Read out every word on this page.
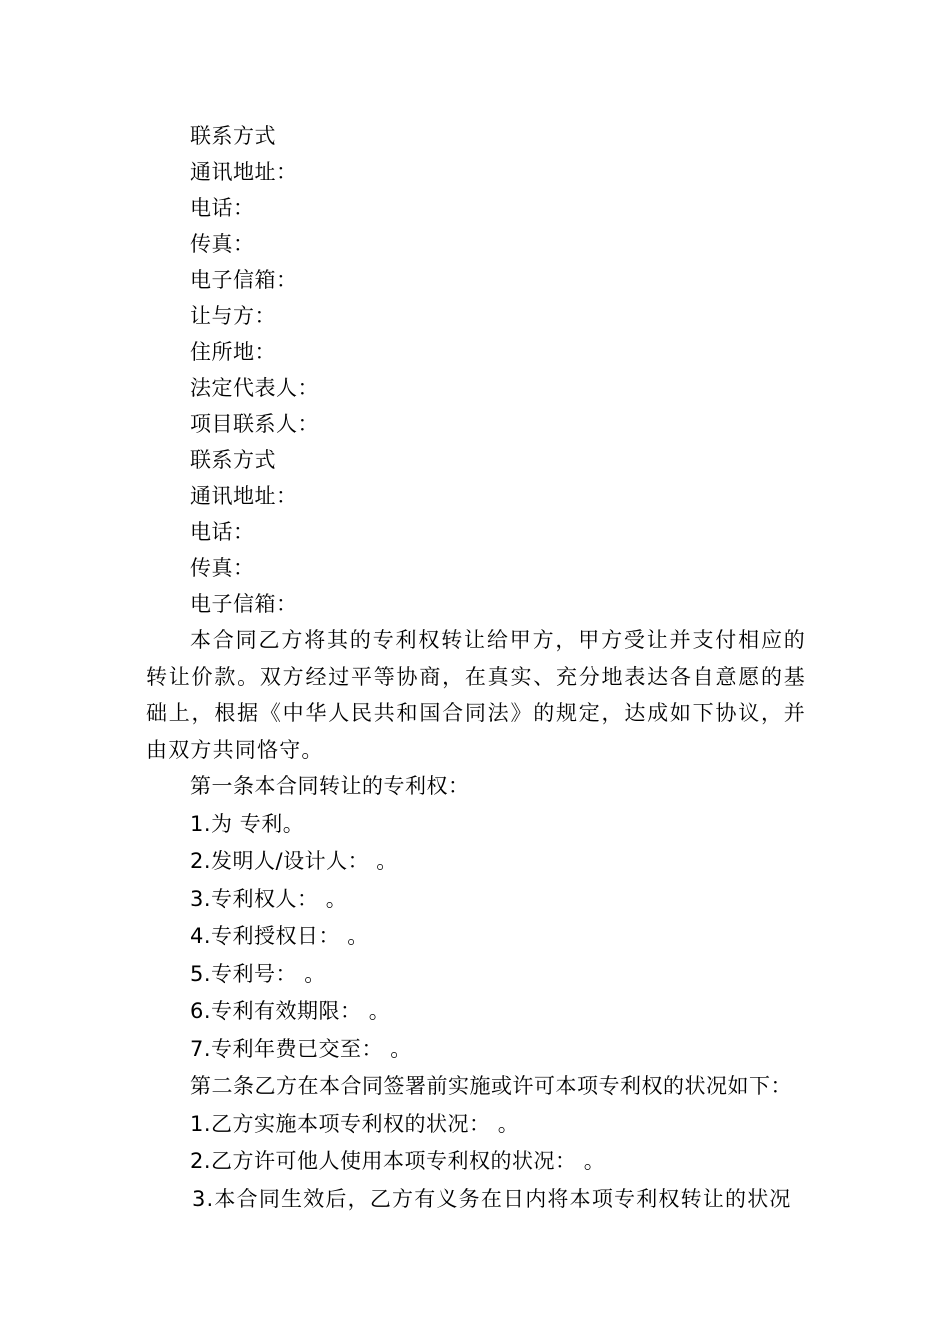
联系方式
通讯地址：
电话：
传真：
电子信箱：
让与方：
住所地：
法定代表人：
项目联系人：
联系方式
通讯地址：
电话：
传真：
电子信箱：

本合同乙方将其的专利权转让给甲方，甲方受让并支付相应的转让价款。双方经过平等协商，在真实、充分地表达各自意愿的基础上，根据《中华人民共和国合同法》的规定，达成如下协议，并由双方共同恪守。

第一条本合同转让的专利权：
1.为 专利。
2.发明人/设计人： 。
3.专利权人： 。
4.专利授权日： 。
5.专利号： 。
6.专利有效期限： 。
7.专利年费已交至： 。
第二条乙方在本合同签署前实施或许可本项专利权的状况如下：
1.乙方实施本项专利权的状况： 。
2.乙方许可他人使用本项专利权的状况： 。
3.本合同生效后，乙方有义务在日内将本项专利权转让的状况
